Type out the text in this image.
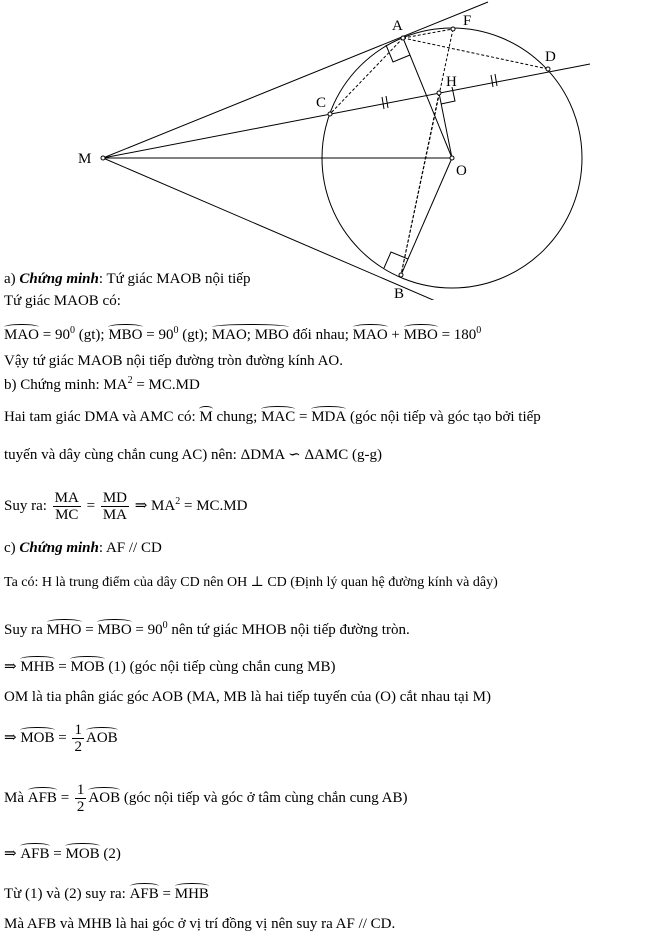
A	F
D
C
H
M
O
B
a) Chứng minh: Tứ giác MAOB nội tiếp
Tứ giác MAOB có:
MAO = $90^0$ (gt); MBO = $90^0$ (gt); MAO; MBO đối nhau; MAO + MBO = $180^0$
Vậy tứ giác MAOB nội tiếp đường tròn đường kính AO.
b) Chứng minh: $MA^2 = MC.MD$
Hai tam giác DMA và AMC có: M chung; MAC = MDA (góc nội tiếp và góc tạo bởi tiếp
tuyến và dây cùng chắn cung AC) nên: ΔDMA ∽ ΔAMC (g-g)
Suy ra: $\frac{MA}{MC} = \frac{MD}{MA}$ ⇒ $MA^2 = MC.MD$
c) Chứng minh: AF // CD
Ta có: H là trung điểm của dây CD nên OH ⊥ CD (Định lý quan hệ đường kính và dây)
Suy ra MHO = MBO = $90^0$ nên tứ giác MHOB nội tiếp đường tròn.
⇒ MHB = MOB (1) (góc nội tiếp cùng chắn cung MB)
OM là tia phân giác góc AOB (MA, MB là hai tiếp tuyến của (O) cắt nhau tại M)
⇒ MOB = $\frac{1}{2}$ AOB
Mà AFB = $\frac{1}{2}$ AOB (góc nội tiếp và góc ở tâm cùng chắn cung AB)
⇒ AFB = MOB (2)
Từ (1) và (2) suy ra: AFB = MHB
Mà AFB và MHB là hai góc ở vị trí đồng vị nên suy ra AF // CD.
